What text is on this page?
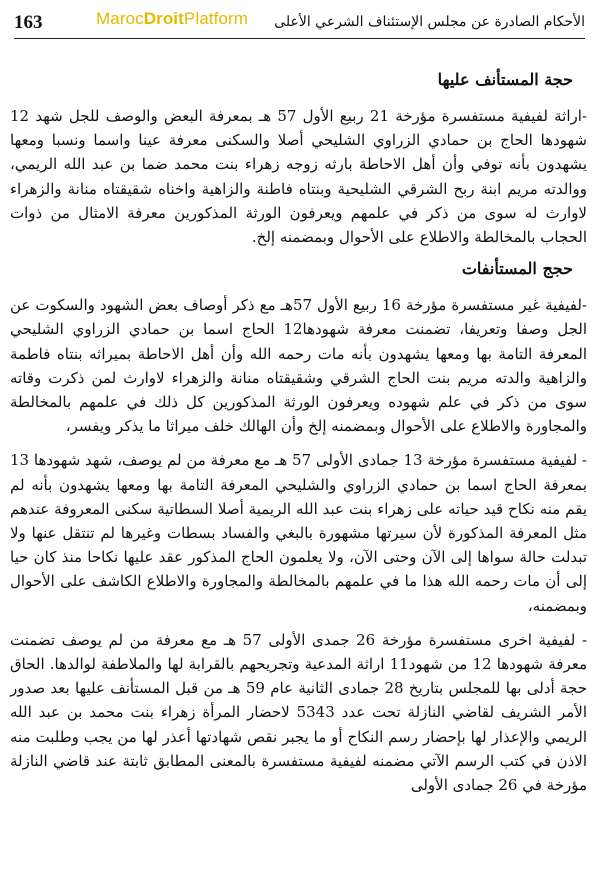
163	MarocDroitPlatform الأحكام الصادرة عن مجلس الإستئناف الشرعي الأعلى
حجة المستأنف عليها

-اراثة لفيفية مستفسرة مؤرخة 21 ربيع الأول 57 هـ بمعرفة البعض والوصف للجل شهد 12 شهودها الحاج بن حمادي الزراوي الشليحي أصلا والسكنى معرفة عينا واسما ونسبا ومعها يشهدون بأنه توفي وأن أهل الاحاطة بارثه زوجه زهراء بنت محمد ضما بن عبد الله الريمي، ووالدته مريم ابنة ربح الشرقي الشليحية وبنتاه فاطنة والزاهية واخناه شقيقتاه منانة والزهراء لاوارث له سوى من ذكر في علمهم ويعرفون الورثة المذكورين معرفة الامثال من ذوات الحجاب بالمخالطة والاطلاع على الأحوال وبمضمنه إلخ.

حجج المستأنفات

-لفيفية غير مستفسرة مؤرخة 16 ربيع الأول 57هـ مع ذكر أوصاف بعض الشهود والسكوت عن الجل وصفا وتعريفا، تضمنت معرفة شهودها12 الحاج اسما بن حمادي الزراوي الشليحي المعرفة التامة بها ومعها يشهدون بأنه مات رحمه الله وأن أهل الاحاطة بميراثه بنتاه فاطمة والزاهية والدته مريم بنت الحاج الشرقي وشقيقتاه منانة والزهراء لاوارث لمن ذكرت وقاته سوى من ذكر في علم شهوده ويعرفون الورثة المذكورين كل ذلك في علمهم بالمخالطة والمجاورة والاطلاع على الأحوال وبمضمنه إلخ وأن الهالك خلف ميراثا ما يذكر ويفسر،

- لفيفية مستفسرة مؤرخة 13 جمادى الأولى 57 هـ مع معرفة من لم يوصف، شهد شهودها 13 بمعرفة الحاج اسما بن حمادي الزراوي والشليحي المعرفة التامة بها ومعها يشهدون بأنه لم يقم منه نكاح قيد حياته على زهراء بنت عبد الله الريمية أصلا السطاتية سكنى المعروفة عندهم مثل المعرفة المذكورة لأن سيرتها مشهورة بالبغي والفساد بسطات وغيرها لم تنتقل عنها ولا تبدلت حالة سواها إلى الآن وحتى الآن، ولا يعلمون الحاج المذكور عقد عليها نكاحا منذ كان حيا إلى أن مات رحمه الله هذا ما في علمهم بالمخالطة والمجاورة والاطلاع الكاشف على الأحوال وبمضمنه،

- لفيفية اخرى مستفسرة مؤرخة 26 جمدى الأولى 57 هـ مع معرفة من لم يوصف تضمنت معرفة شهودها 12 من شهود11 اراثة المدعية وتجريحهم بالقرابة لها والملاطفة لوالدها. الحاق حجة أدلى بها للمجلس بتاريخ 28 جمادى الثانية عام 59 هـ من قبل المستأنف عليها بعد صدور الأمر الشريف لقاضي النازلة تحت عدد 5343 لاحضار المرأة زهراء بنت محمد بن عبد الله الريمي والإعذار لها بإحضار رسم النكاح أو ما يجبر نقص شهادتها أعذر لها من يجب وطلبت منه الاذن في كتب الرسم الآتي مضمنه لفيفية مستفسرة بالمعنى المطابق ثابتة عند قاضي النازلة مؤرخة في 26 جمادى الأولى
